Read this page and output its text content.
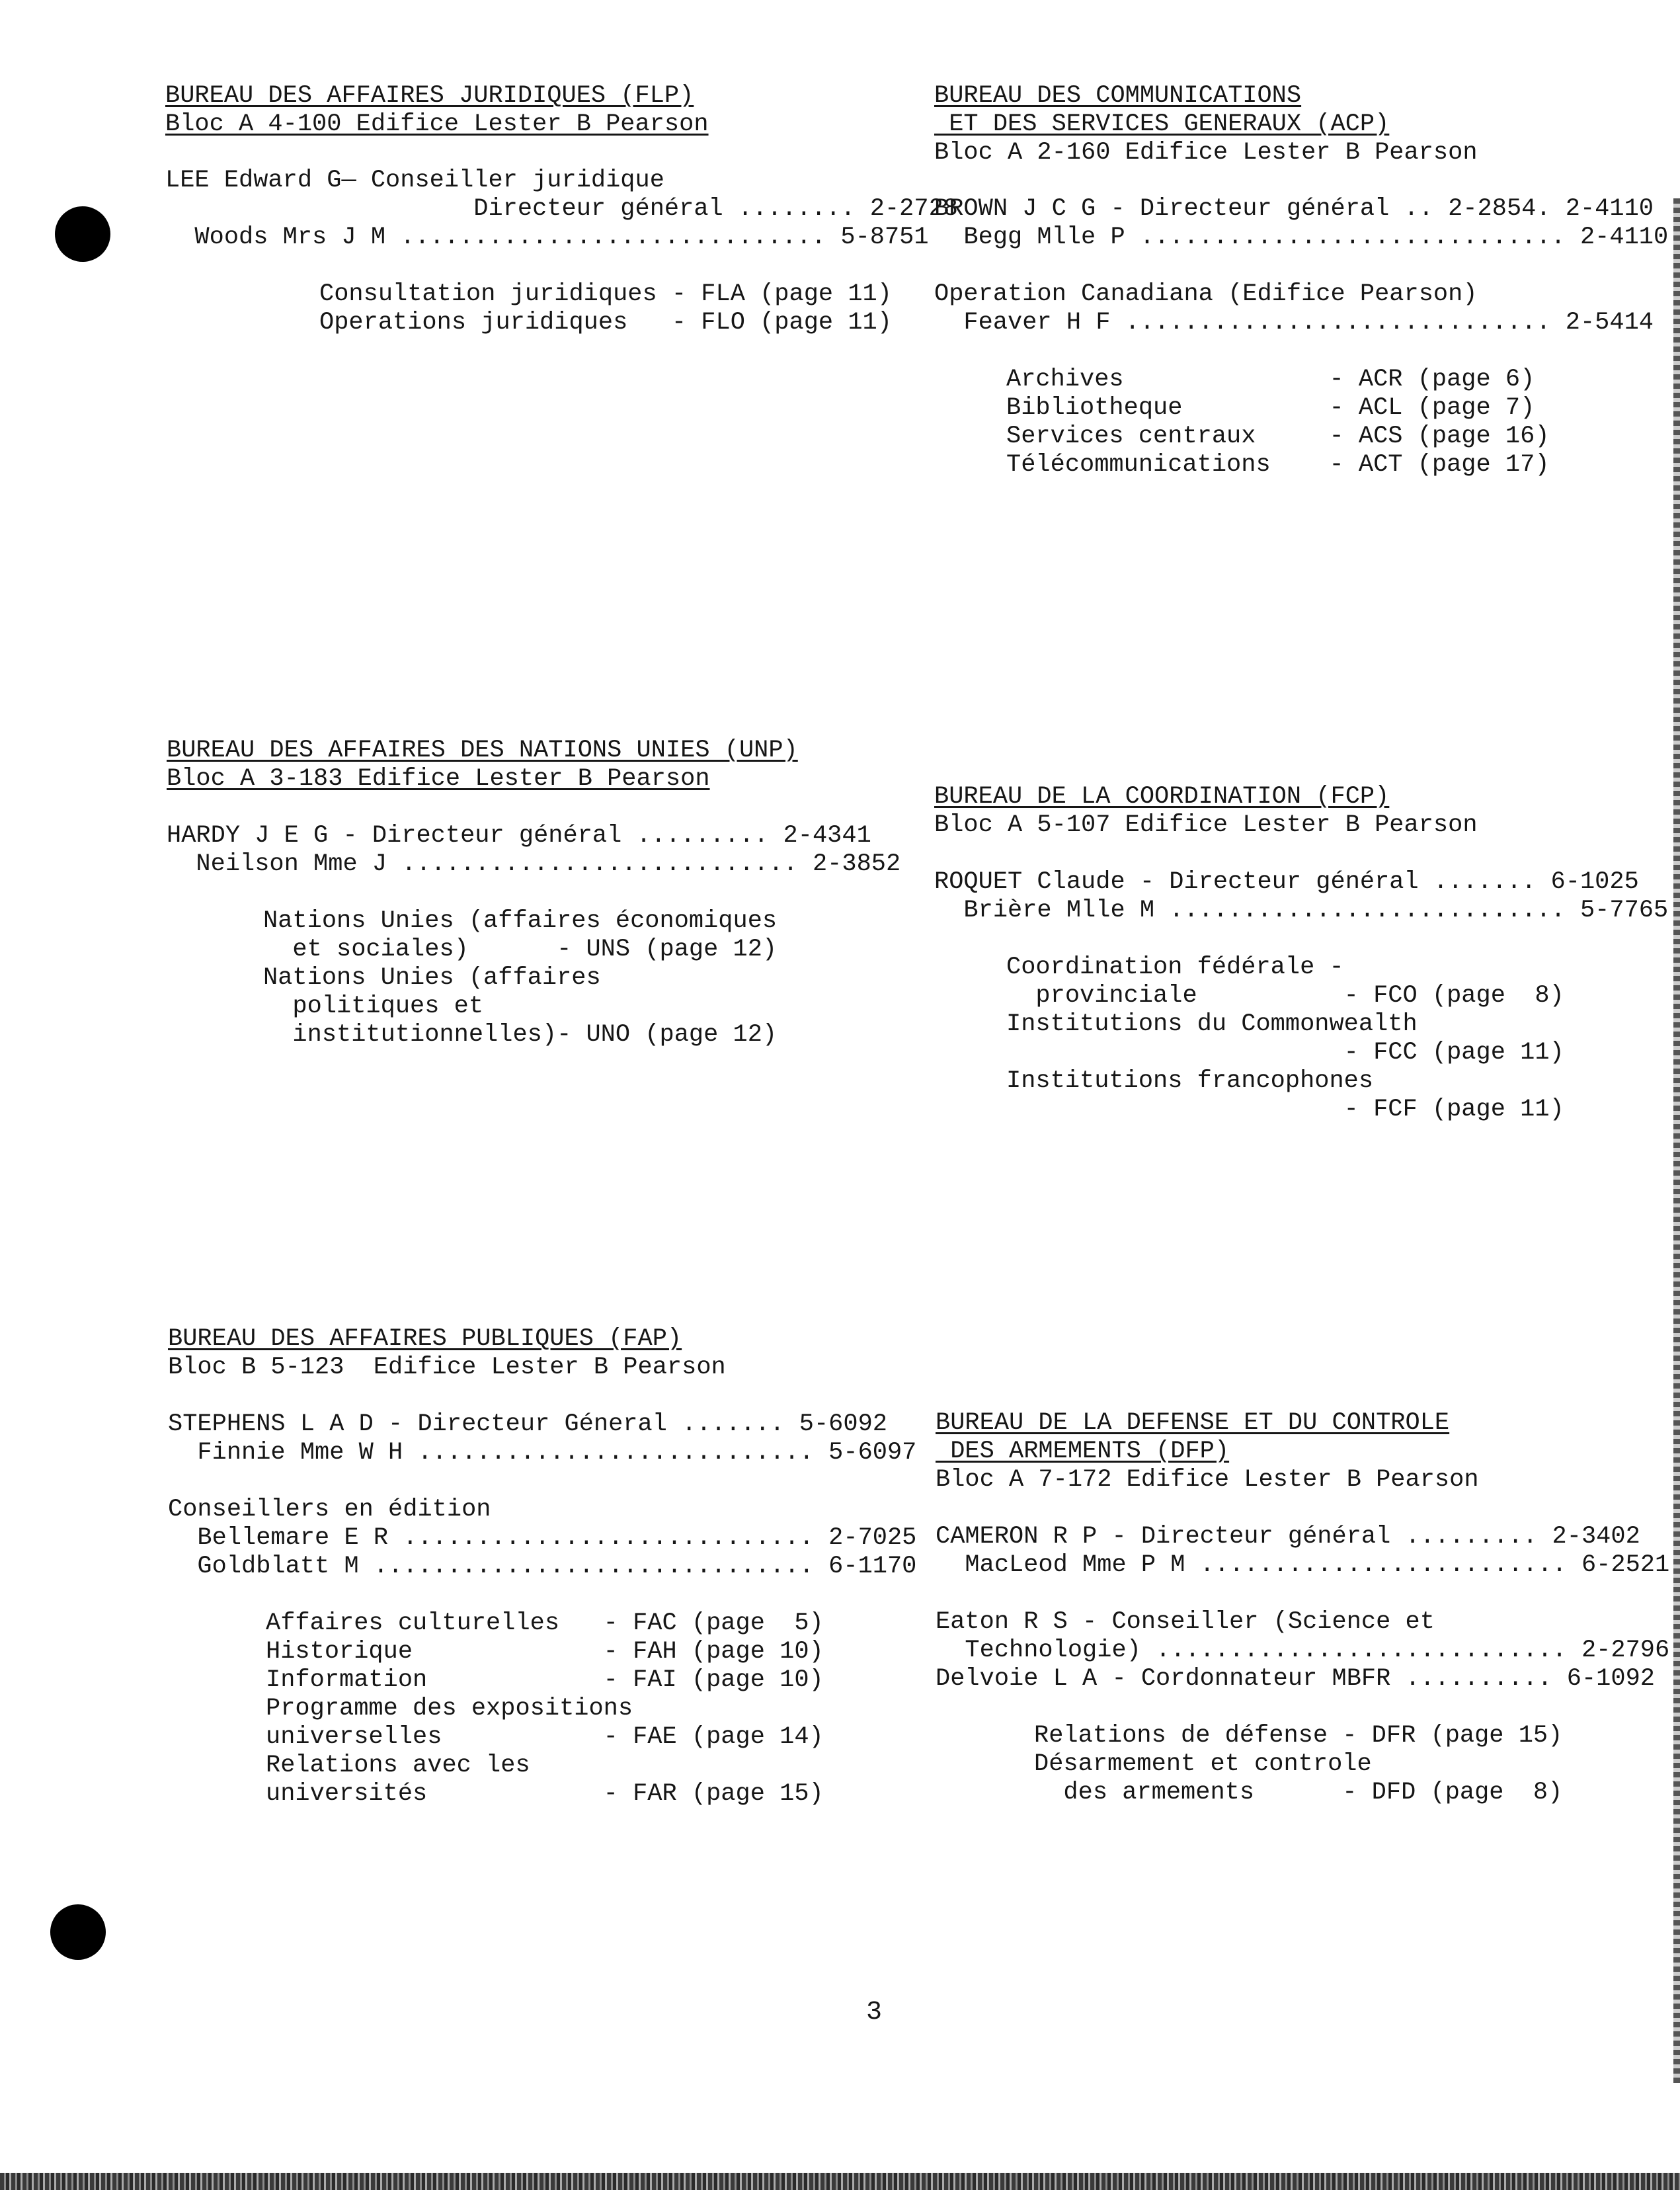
BUREAU DES AFFAIRES JURIDIQUES (FLP)
Bloc A 4-100 Edifice Lester B Pearson
LEE Edward G— Conseiller juridique
Directeur général ........ 2-2728
Woods Mrs J M ............................. 5-8751
Consultation juridiques - FLA (page 11)
Operations juridiques   - FLO (page 11)
BUREAU DES COMMUNICATIONS
ET DES SERVICES GENERAUX (ACP)
Bloc A 2-160 Edifice Lester B Pearson
BROWN J C G - Directeur général .. 2-2854. 2-4110
Begg Mlle P ............................. 2-4110
Operation Canadiana (Edifice Pearson)
Feaver H F ............................. 2-5414
Archives              - ACR (page 6)
Bibliotheque          - ACL (page 7)
Services centraux     - ACS (page 16)
Télécommunications    - ACT (page 17)
BUREAU DES AFFAIRES DES NATIONS UNIES (UNP)
Bloc A 3-183 Edifice Lester B Pearson
HARDY J E G - Directeur général ......... 2-4341
Neilson Mme J ........................... 2-3852
Nations Unies (affaires économiques
et sociales)      - UNS (page 12)
Nations Unies (affaires
politiques et
institutionnelles)- UNO (page 12)
BUREAU DE LA COORDINATION (FCP)
Bloc A 5-107 Edifice Lester B Pearson
ROQUET Claude - Directeur général ....... 6-1025
Brière Mlle M ........................... 5-7765
Coordination fédérale -
provinciale          - FCO (page  8)
Institutions du Commonwealth
- FCC (page 11)
Institutions francophones
- FCF (page 11)
BUREAU DES AFFAIRES PUBLIQUES (FAP)
Bloc B 5-123  Edifice Lester B Pearson
STEPHENS L A D - Directeur Géneral ....... 5-6092
Finnie Mme W H ........................... 5-6097
Conseillers en édition
Bellemare E R ............................ 2-7025
Goldblatt M .............................. 6-1170
Affaires culturelles   - FAC (page  5)
Historique             - FAH (page 10)
Information            - FAI (page 10)
Programme des expositions
universelles           - FAE (page 14)
Relations avec les
universités            - FAR (page 15)
BUREAU DE LA DEFENSE ET DU CONTROLE
DES ARMEMENTS (DFP)
Bloc A 7-172 Edifice Lester B Pearson
CAMERON R P - Directeur général ......... 2-3402
MacLeod Mme P M ......................... 6-2521
Eaton R S - Conseiller (Science et
Technologie) ............................ 2-2796
Delvoie L A - Cordonnateur MBFR .......... 6-1092
Relations de défense - DFR (page 15)
Désarmement et controle
des armements      - DFD (page  8)
3
